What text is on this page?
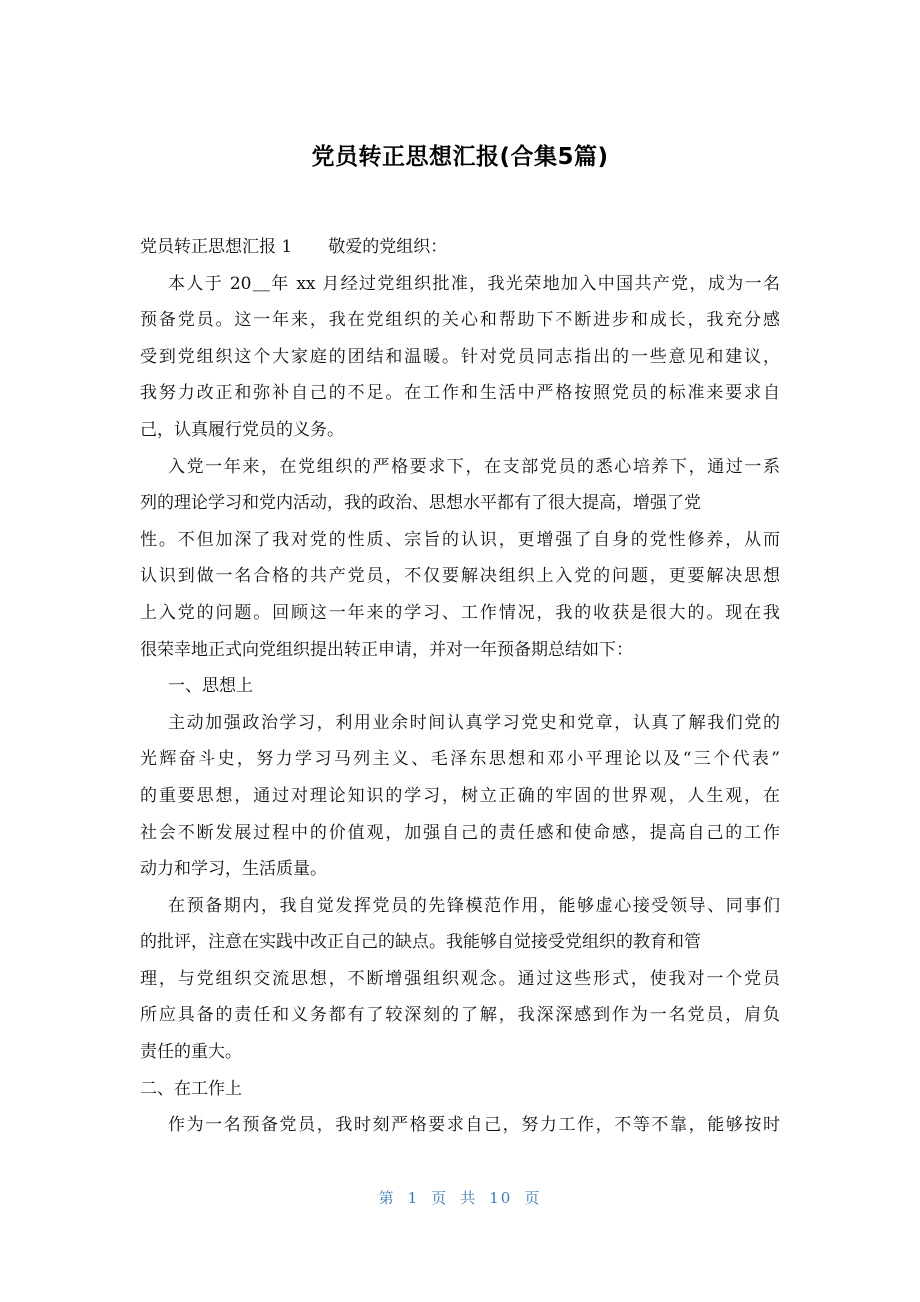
党员转正思想汇报(合集5篇)
党员转正思想汇报 1 敬爱的党组织：
本人于 20＿年 xx 月经过党组织批准，我光荣地加入中国共产党，成为一名
预备党员。这一年来，我在党组织的关心和帮助下不断进步和成长，我充分感
受到党组织这个大家庭的团结和温暖。针对党员同志指出的一些意见和建议，
我努力改正和弥补自己的不足。在工作和生活中严格按照党员的标准来要求自
己，认真履行党员的义务。
入党一年来，在党组织的严格要求下，在支部党员的悉心培养下，通过一系
列的理论学习和党内活动，我的政治、思想水平都有了很大提高，增强了党
性。不但加深了我对党的性质、宗旨的认识，更增强了自身的党性修养，从而
认识到做一名合格的共产党员，不仅要解决组织上入党的问题，更要解决思想
上入党的问题。回顾这一年来的学习、工作情况，我的收获是很大的。现在我
很荣幸地正式向党组织提出转正申请，并对一年预备期总结如下：
一、思想上
主动加强政治学习，利用业余时间认真学习党史和党章，认真了解我们党的
光辉奋斗史，努力学习马列主义、毛泽东思想和邓小平理论以及“三个代表”
的重要思想，通过对理论知识的学习，树立正确的牢固的世界观，人生观，在
社会不断发展过程中的价值观，加强自己的责任感和使命感，提高自己的工作
动力和学习，生活质量。
在预备期内，我自觉发挥党员的先锋模范作用，能够虚心接受领导、同事们
的批评，注意在实践中改正自己的缺点。我能够自觉接受党组织的教育和管
理，与党组织交流思想，不断增强组织观念。通过这些形式，使我对一个党员
所应具备的责任和义务都有了较深刻的了解，我深深感到作为一名党员，肩负
责任的重大。
二、在工作上
作为一名预备党员，我时刻严格要求自己，努力工作，不等不靠，能够按时
第 1 页 共 10 页
